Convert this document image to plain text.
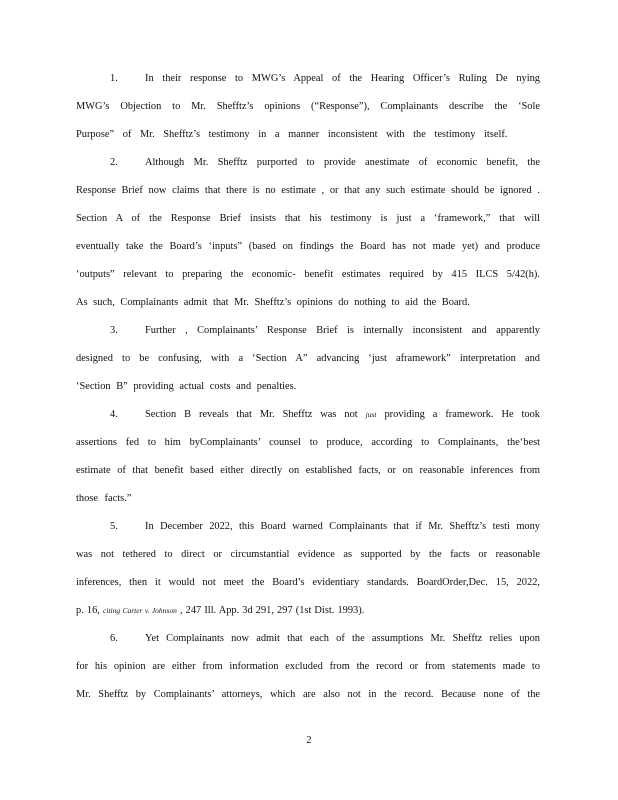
1.	In their response to MWG’s Appeal of the Hearing Officer’s Ruling De nying
MWG’s Objection to Mr. Shefftz’s opinions (“Response”), Complainants describe the ‘Sole
Purpose” of Mr. Shefftz’s testimony in a manner inconsistent with the testimony itself.
2.	Although Mr. Shefftz purported to provide anestimate of economic benefit, the
Response Brief now claims that there is no estimate , or that any such estimate should be ignored .
Section A of the Response Brief insists that his testimony is just a ‘framework,” that will
eventually take the Board’s ‘inputs” (based on findings the Board has not made yet) and produce
‘outputs” relevant to preparing the economic- benefit estimates required by 415 ILCS 5/42(h).
As such, Complainants admit that Mr. Shefftz’s opinions do nothing to aid the Board.
3.	Further , Complainants’ Response Brief is internally inconsistent and apparently
designed to be confusing, with a ‘Section A” advancing ‘just aframework” interpretation and
‘Section B” providing actual costs and penalties.
4.	Section B reveals that Mr. Shefftz was not just providing a framework. He took
assertions fed to him byComplainants’ counsel to produce, according to Complainants, the‘best
estimate of that benefit based either directly on established facts, or on reasonable inferences from
those facts.”
5.	In December 2022, this Board warned Complainants that if Mr. Shefftz’s testi mony
was not tethered to direct or circumstantial evidence as supported by the facts or reasonable
inferences, then it would not meet the Board’s evidentiary standards. BoardOrder,Dec. 15, 2022,
p. 16, citing Carter v. Johnson , 247 Ill. App. 3d 291, 297 (1st Dist. 1993).
6.	Yet Complainants now admit that each of the assumptions Mr. Shefftz relies upon
for his opinion are either from information excluded from the record or from statements made to
Mr. Shefftz by Complainants’ attorneys, which are also not in the record. Because none of the
2
